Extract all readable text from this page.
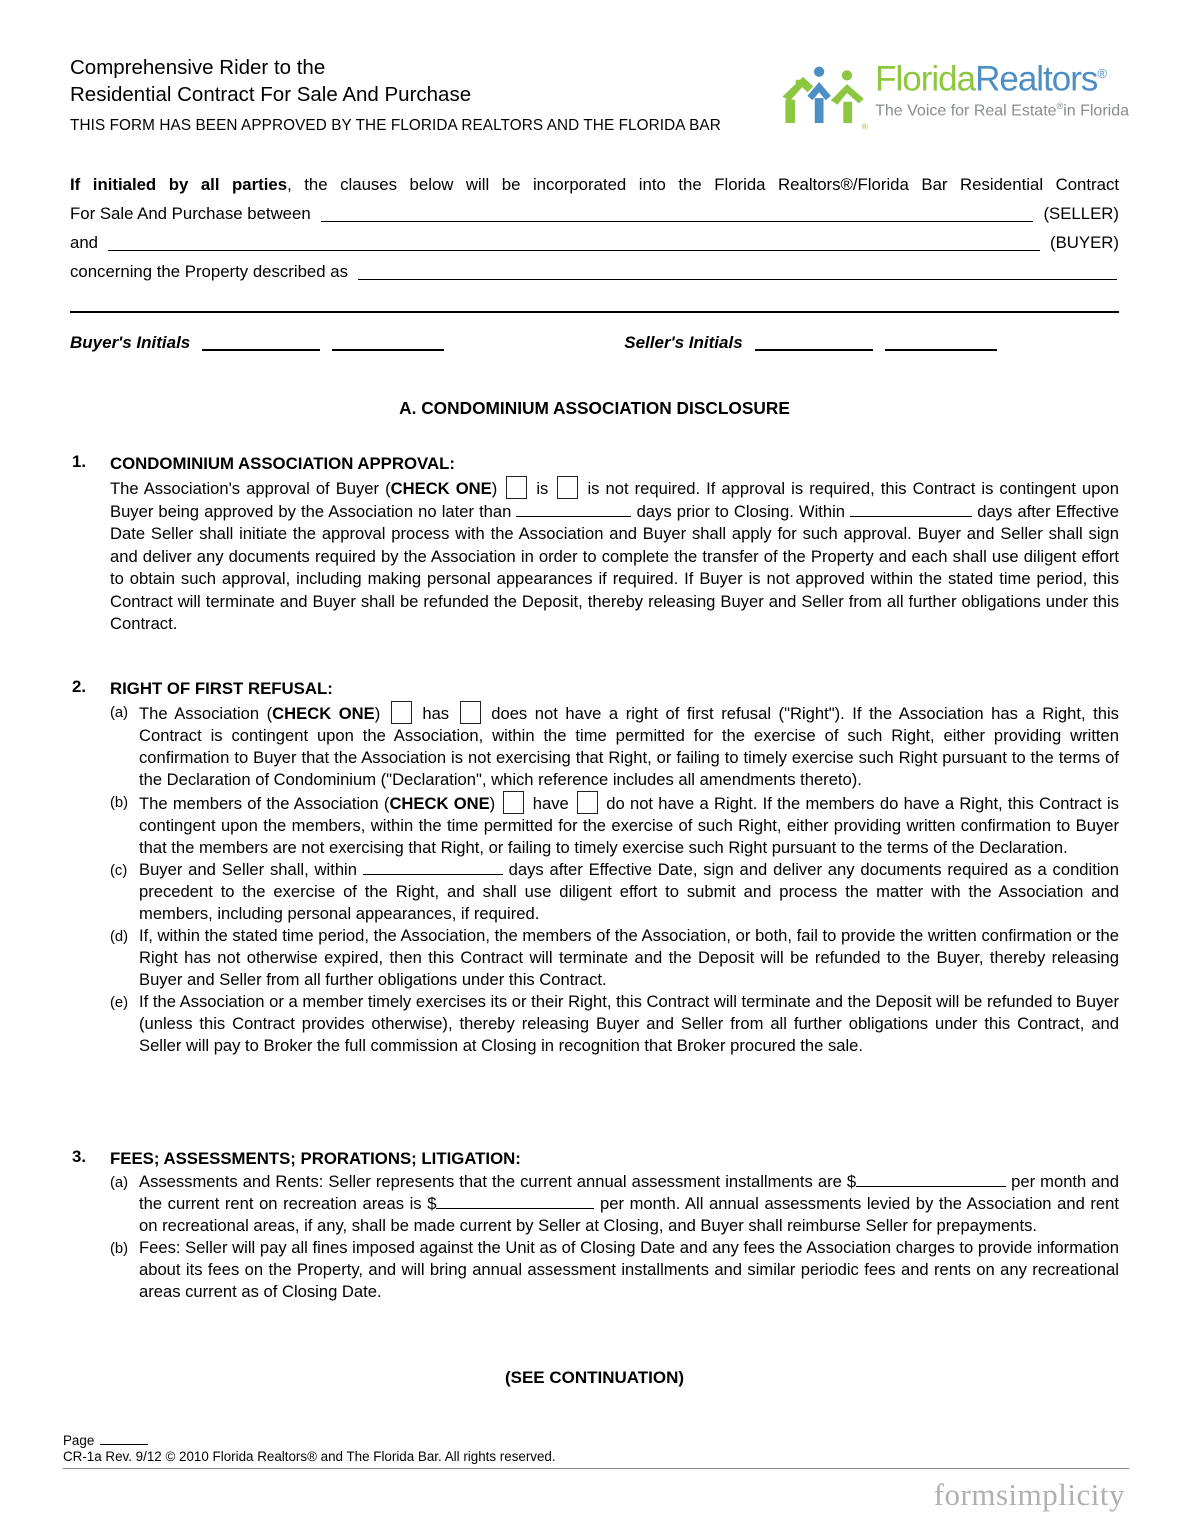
Comprehensive Rider to the
Residential Contract For Sale And Purchase
THIS FORM HAS BEEN APPROVED BY THE FLORIDA REALTORS AND THE FLORIDA BAR	®
FloridaRealtors®
The Voice for Real Estate®in Florida
If initialed by all parties, the clauses below will be incorporated into the Florida Realtors®/Florida Bar Residential Contract
For Sale And Purchase between	(SELLER)
and	(BUYER)
concerning the Property described as
Buyer's Initials	Seller's Initials
A. CONDOMINIUM ASSOCIATION DISCLOSURE
1. CONDOMINIUM ASSOCIATION APPROVAL:
The Association's approval of Buyer (CHECK ONE) is is not required. If approval is required, this Contract is contingent upon Buyer being approved by the Association no later than	days prior to Closing. Within	days after Effective Date Seller shall initiate the approval process with the Association and Buyer shall apply for such approval. Buyer and Seller shall sign and deliver any documents required by the Association in order to complete the transfer of the Property and each shall use diligent effort to obtain such approval, including making personal appearances if required. If Buyer is not approved within the stated time period, this Contract will terminate and Buyer shall be refunded the Deposit, thereby releasing Buyer and Seller from all further obligations under this Contract.
2. RIGHT OF FIRST REFUSAL:
(a) The Association (CHECK ONE)	has	does not have a right of first refusal ("Right"). If the Association has a Right, this Contract is contingent upon the Association, within the time permitted for the exercise of such Right, either providing written confirmation to Buyer that the Association is not exercising that Right, or failing to timely exercise such Right pursuant to the terms of the Declaration of Condominium ("Declaration", which reference includes all amendments thereto).
(b) The members of the Association (CHECK ONE) have do not have a Right. If the members do have a Right, this Contract is contingent upon the members, within the time permitted for the exercise of such Right, either providing written confirmation to Buyer that the members are not exercising that Right, or failing to timely exercise such Right pursuant to the terms of the Declaration.
(c) Buyer and Seller shall, within	days after Effective Date, sign and deliver any documents required as a condition precedent to the exercise of the Right, and shall use diligent effort to submit and process the matter with the Association and members, including personal appearances, if required.
(d) If, within the stated time period, the Association, the members of the Association, or both, fail to provide the written confirmation or the Right has not otherwise expired, then this Contract will terminate and the Deposit will be refunded to the Buyer, thereby releasing Buyer and Seller from all further obligations under this Contract.
(e) If the Association or a member timely exercises its or their Right, this Contract will terminate and the Deposit will be refunded to Buyer (unless this Contract provides otherwise), thereby releasing Buyer and Seller from all further obligations under this Contract, and Seller will pay to Broker the full commission at Closing in recognition that Broker procured the sale.
3. FEES; ASSESSMENTS; PRORATIONS; LITIGATION:
(a) Assessments and Rents: Seller represents that the current annual assessment installments are $	per month and the current rent on recreation areas is $	per month. All annual assessments levied by the Association and rent on recreational areas, if any, shall be made current by Seller at Closing, and Buyer shall reimburse Seller for prepayments.
(b) Fees: Seller will pay all fines imposed against the Unit as of Closing Date and any fees the Association charges to provide information about its fees on the Property, and will bring annual assessment installments and similar periodic fees and rents on any recreational areas current as of Closing Date.
(SEE CONTINUATION)
Page
CR-1a Rev. 9/12 © 2010 Florida Realtors® and The Florida Bar. All rights reserved.
formsimplicity
